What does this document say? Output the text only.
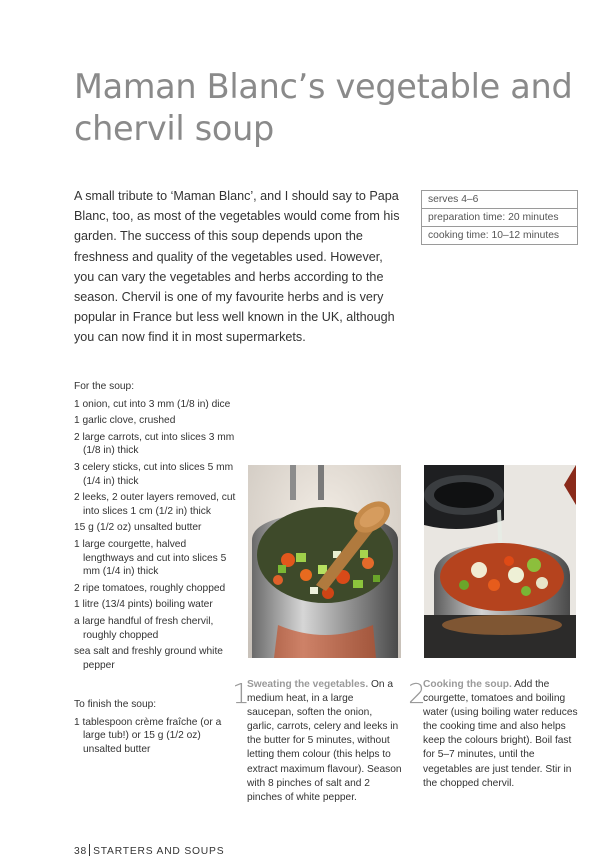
Maman Blanc’s vegetable and chervil soup

A small tribute to ‘Maman Blanc’, and I should say to Papa Blanc, too, as most of the vegetables would come from his garden. The success of this soup depends upon the freshness and quality of the vegetables used. However, you can vary the vegetables and herbs according to the season. Chervil is one of my favourite herbs and is very popular in France but less well known in the UK, although you can now find it in most supermarkets.

serves 4–6
preparation time: 20 minutes
cooking time: 10–12 minutes

For the soup:

1 onion, cut into 3 mm (1/8 in) dice
1 garlic clove, crushed
2 large carrots, cut into slices 3 mm (1/8 in) thick
3 celery sticks, cut into slices 5 mm (1/4 in) thick
2 leeks, 2 outer layers removed, cut into slices 1 cm (1/2 in) thick
15 g (1/2 oz) unsalted butter
1 large courgette, halved lengthways and cut into slices 5 mm (1/4 in) thick
2 ripe tomatoes, roughly chopped
1 litre (13/4 pints) boiling water
a large handful of fresh chervil, roughly chopped
sea salt and freshly ground white pepper

To finish the soup:

1 tablespoon crème fraîche (or a large tub!) or 15 g (1/2 oz) unsalted butter
1
Sweating the vegetables. On a medium heat, in a large saucepan, soften the onion, garlic, carrots, celery and leeks in the butter for 5 minutes, without letting them colour (this helps to extract maximum flavour). Season with 8 pinches of salt and 2 pinches of white pepper.
2
Cooking the soup. Add the courgette, tomatoes and boiling water (using boiling water reduces the cooking time and also helps keep the colours bright). Boil fast for 5–7 minutes, until the vegetables are just tender. Stir in the chopped chervil.
38 STARTERS AND SOUPS
